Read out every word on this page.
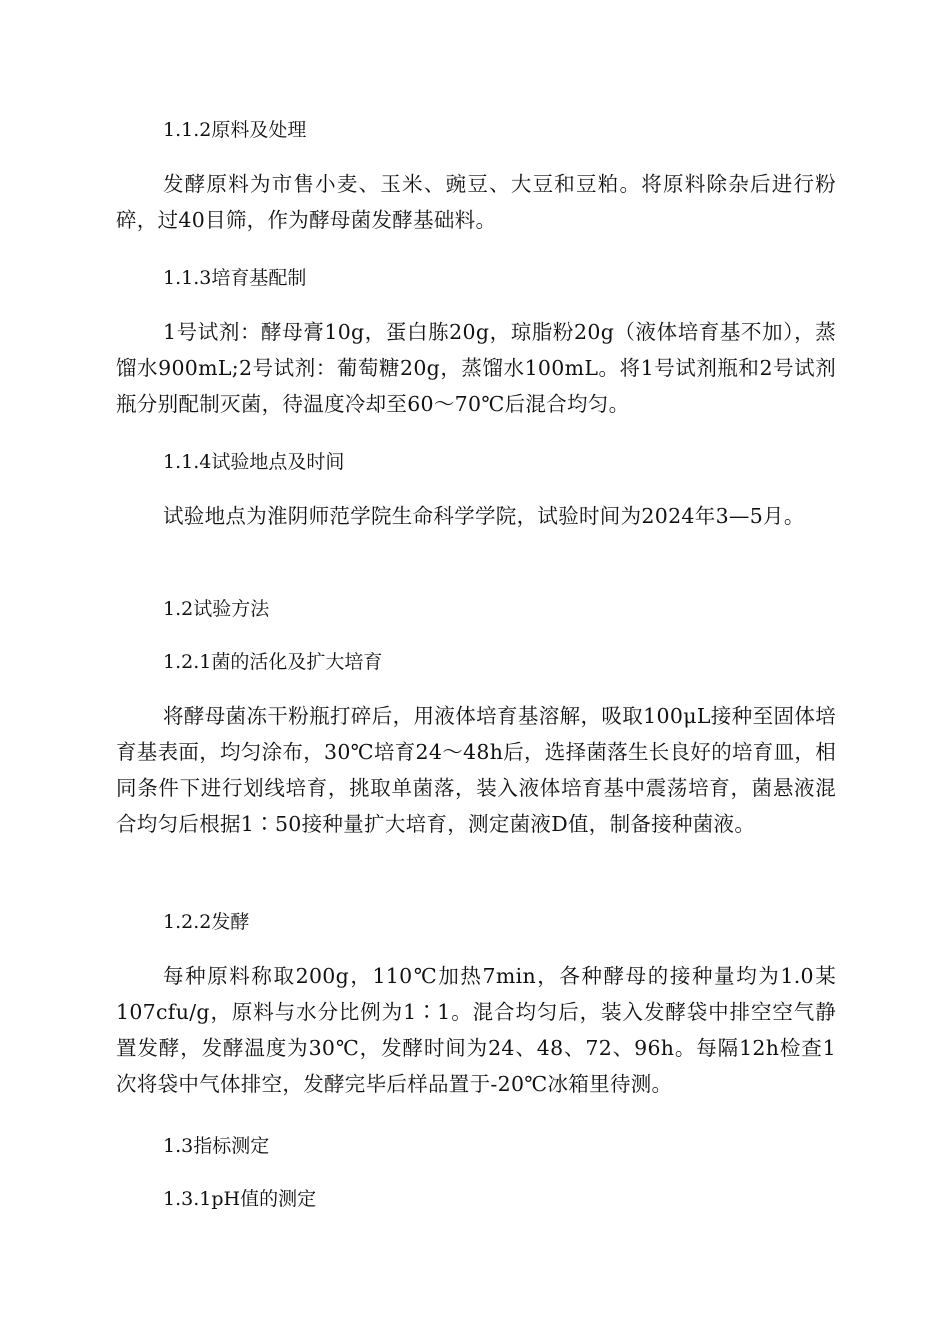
1.1.2原料及处理
发酵原料为市售小麦、玉米、豌豆、大豆和豆粕。将原料除杂后进行粉碎，过40目筛，作为酵母菌发酵基础料。
1.1.3培育基配制
1号试剂：酵母膏10g，蛋白胨20g，琼脂粉20g（液体培育基不加），蒸馏水900mL;2号试剂：葡萄糖20g，蒸馏水100mL。将1号试剂瓶和2号试剂瓶分别配制灭菌，待温度冷却至60～70℃后混合均匀。
1.1.4试验地点及时间
试验地点为淮阴师范学院生命科学学院，试验时间为2024年3—5月。
1.2试验方法
1.2.1菌的活化及扩大培育
将酵母菌冻干粉瓶打碎后，用液体培育基溶解，吸取100μL接种至固体培育基表面，均匀涂布，30℃培育24～48h后，选择菌落生长良好的培育皿，相同条件下进行划线培育，挑取单菌落，装入液体培育基中震荡培育，菌悬液混合均匀后根据1∶50接种量扩大培育，测定菌液D值，制备接种菌液。
1.2.2发酵
每种原料称取200g，110℃加热7min，各种酵母的接种量均为1.0某107cfu/g，原料与水分比例为1∶1。混合均匀后，装入发酵袋中排空空气静置发酵，发酵温度为30℃，发酵时间为24、48、72、96h。每隔12h检查1次将袋中气体排空，发酵完毕后样品置于-20℃冰箱里待测。
1.3指标测定
1.3.1pH值的测定
